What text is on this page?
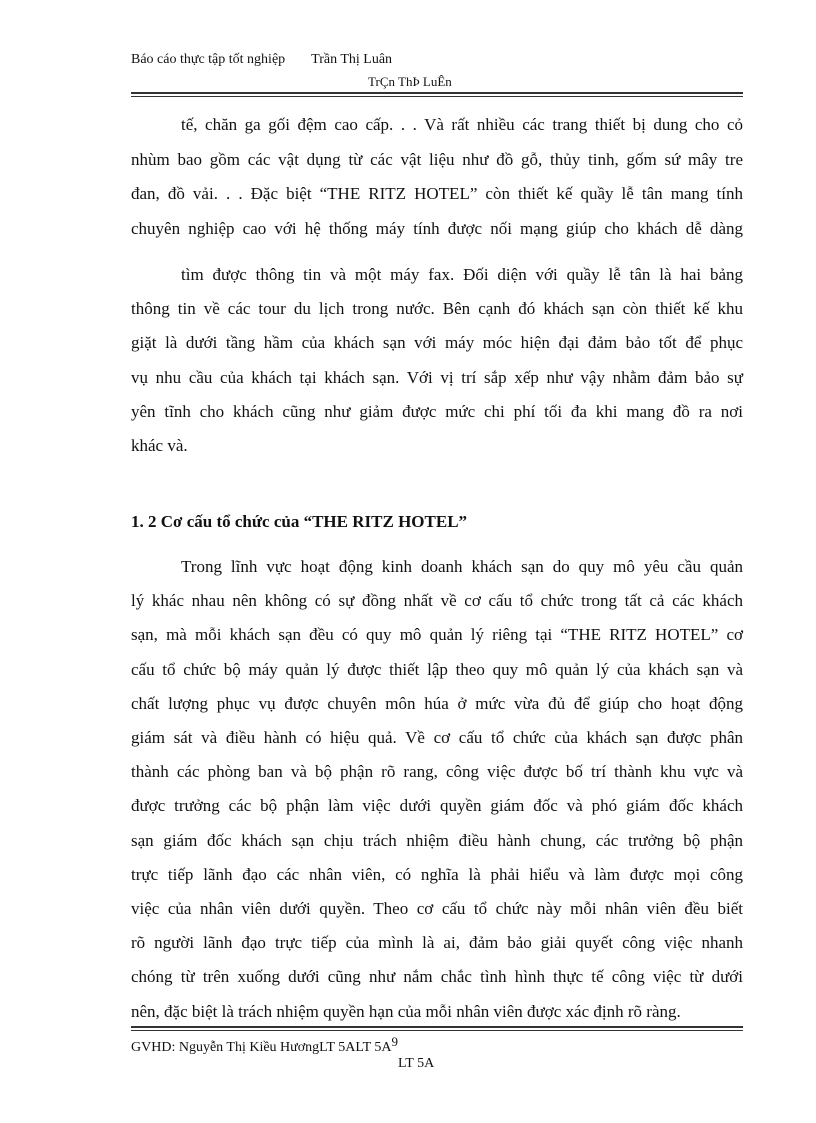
Báo cáo thực tập tốt nghiệp Trần Thị Luân
TrÇn ThÞ LuÊn

tế, chăn ga gối đệm cao cấp. . . Và rất nhiều các trang thiết bị dung cho cỏ

nhùm bao gồm các vật dụng từ các vật liệu như đồ gỗ, thủy tinh, gốm sứ mây tre

đan, đồ vải. . . Đặc biệt “THE RITZ HOTEL” còn thiết kế quầy lễ tân mang tính

chuyên nghiệp cao với hệ thống máy tính được nối mạng giúp cho khách dễ dàng

tìm được thông tin và một máy fax. Đối diện với quầy lễ tân là hai bảng

thông tin về các tour du lịch trong nước. Bên cạnh đó khách sạn còn thiết kế khu

giặt là dưới tầng hầm của khách sạn với máy móc hiện đại đảm bảo tốt để phục

vụ nhu cầu của khách tại khách sạn. Với vị trí sắp xếp như vậy nhằm đảm bảo sự

yên tĩnh cho khách cũng như giảm được mức chi phí tối đa khi mang đồ ra nơi

khác và.

1. 2 Cơ cấu tổ chức của “THE RITZ HOTEL”

Trong lĩnh vực hoạt động kinh doanh khách sạn do quy mô yêu cầu quản

lý khác nhau nên không có sự đồng nhất về cơ cấu tổ chức trong tất cả các khách

sạn, mà mỗi khách sạn đều có quy mô quản lý riêng tại “THE RITZ HOTEL” cơ

cấu tổ chức bộ máy quản lý được thiết lập theo quy mô quản lý của khách sạn và

chất lượng phục vụ được chuyên môn húa ở mức vừa đủ để giúp cho hoạt động

giám sát và điều hành có hiệu quả. Về cơ cấu tổ chức của khách sạn được phân

thành các phòng ban và bộ phận rõ rang, công việc được bố trí thành khu vực và

được trưởng các bộ phận làm việc dưới quyền giám đốc và phó giám đốc khách

sạn giám đốc khách sạn chịu trách nhiệm điều hành chung, các trưởng bộ phận

trực tiếp lãnh đạo các nhân viên, có nghĩa là phải hiểu và làm được mọi công

việc của nhân viên dưới quyền. Theo cơ cấu tổ chức này mỗi nhân viên đều biết

rõ người lãnh đạo trực tiếp của mình là ai, đảm bảo giải quyết công việc nhanh

chóng từ trên xuống dưới cũng như nắm chắc tình hình thực tế công việc từ dưới

nên, đặc biệt là trách nhiệm quyền hạn của mỗi nhân viên được xác định rõ ràng.

GVHD: Nguyễn Thị Kiều HươngLT 5ALT $5A^9$
LT 5A
